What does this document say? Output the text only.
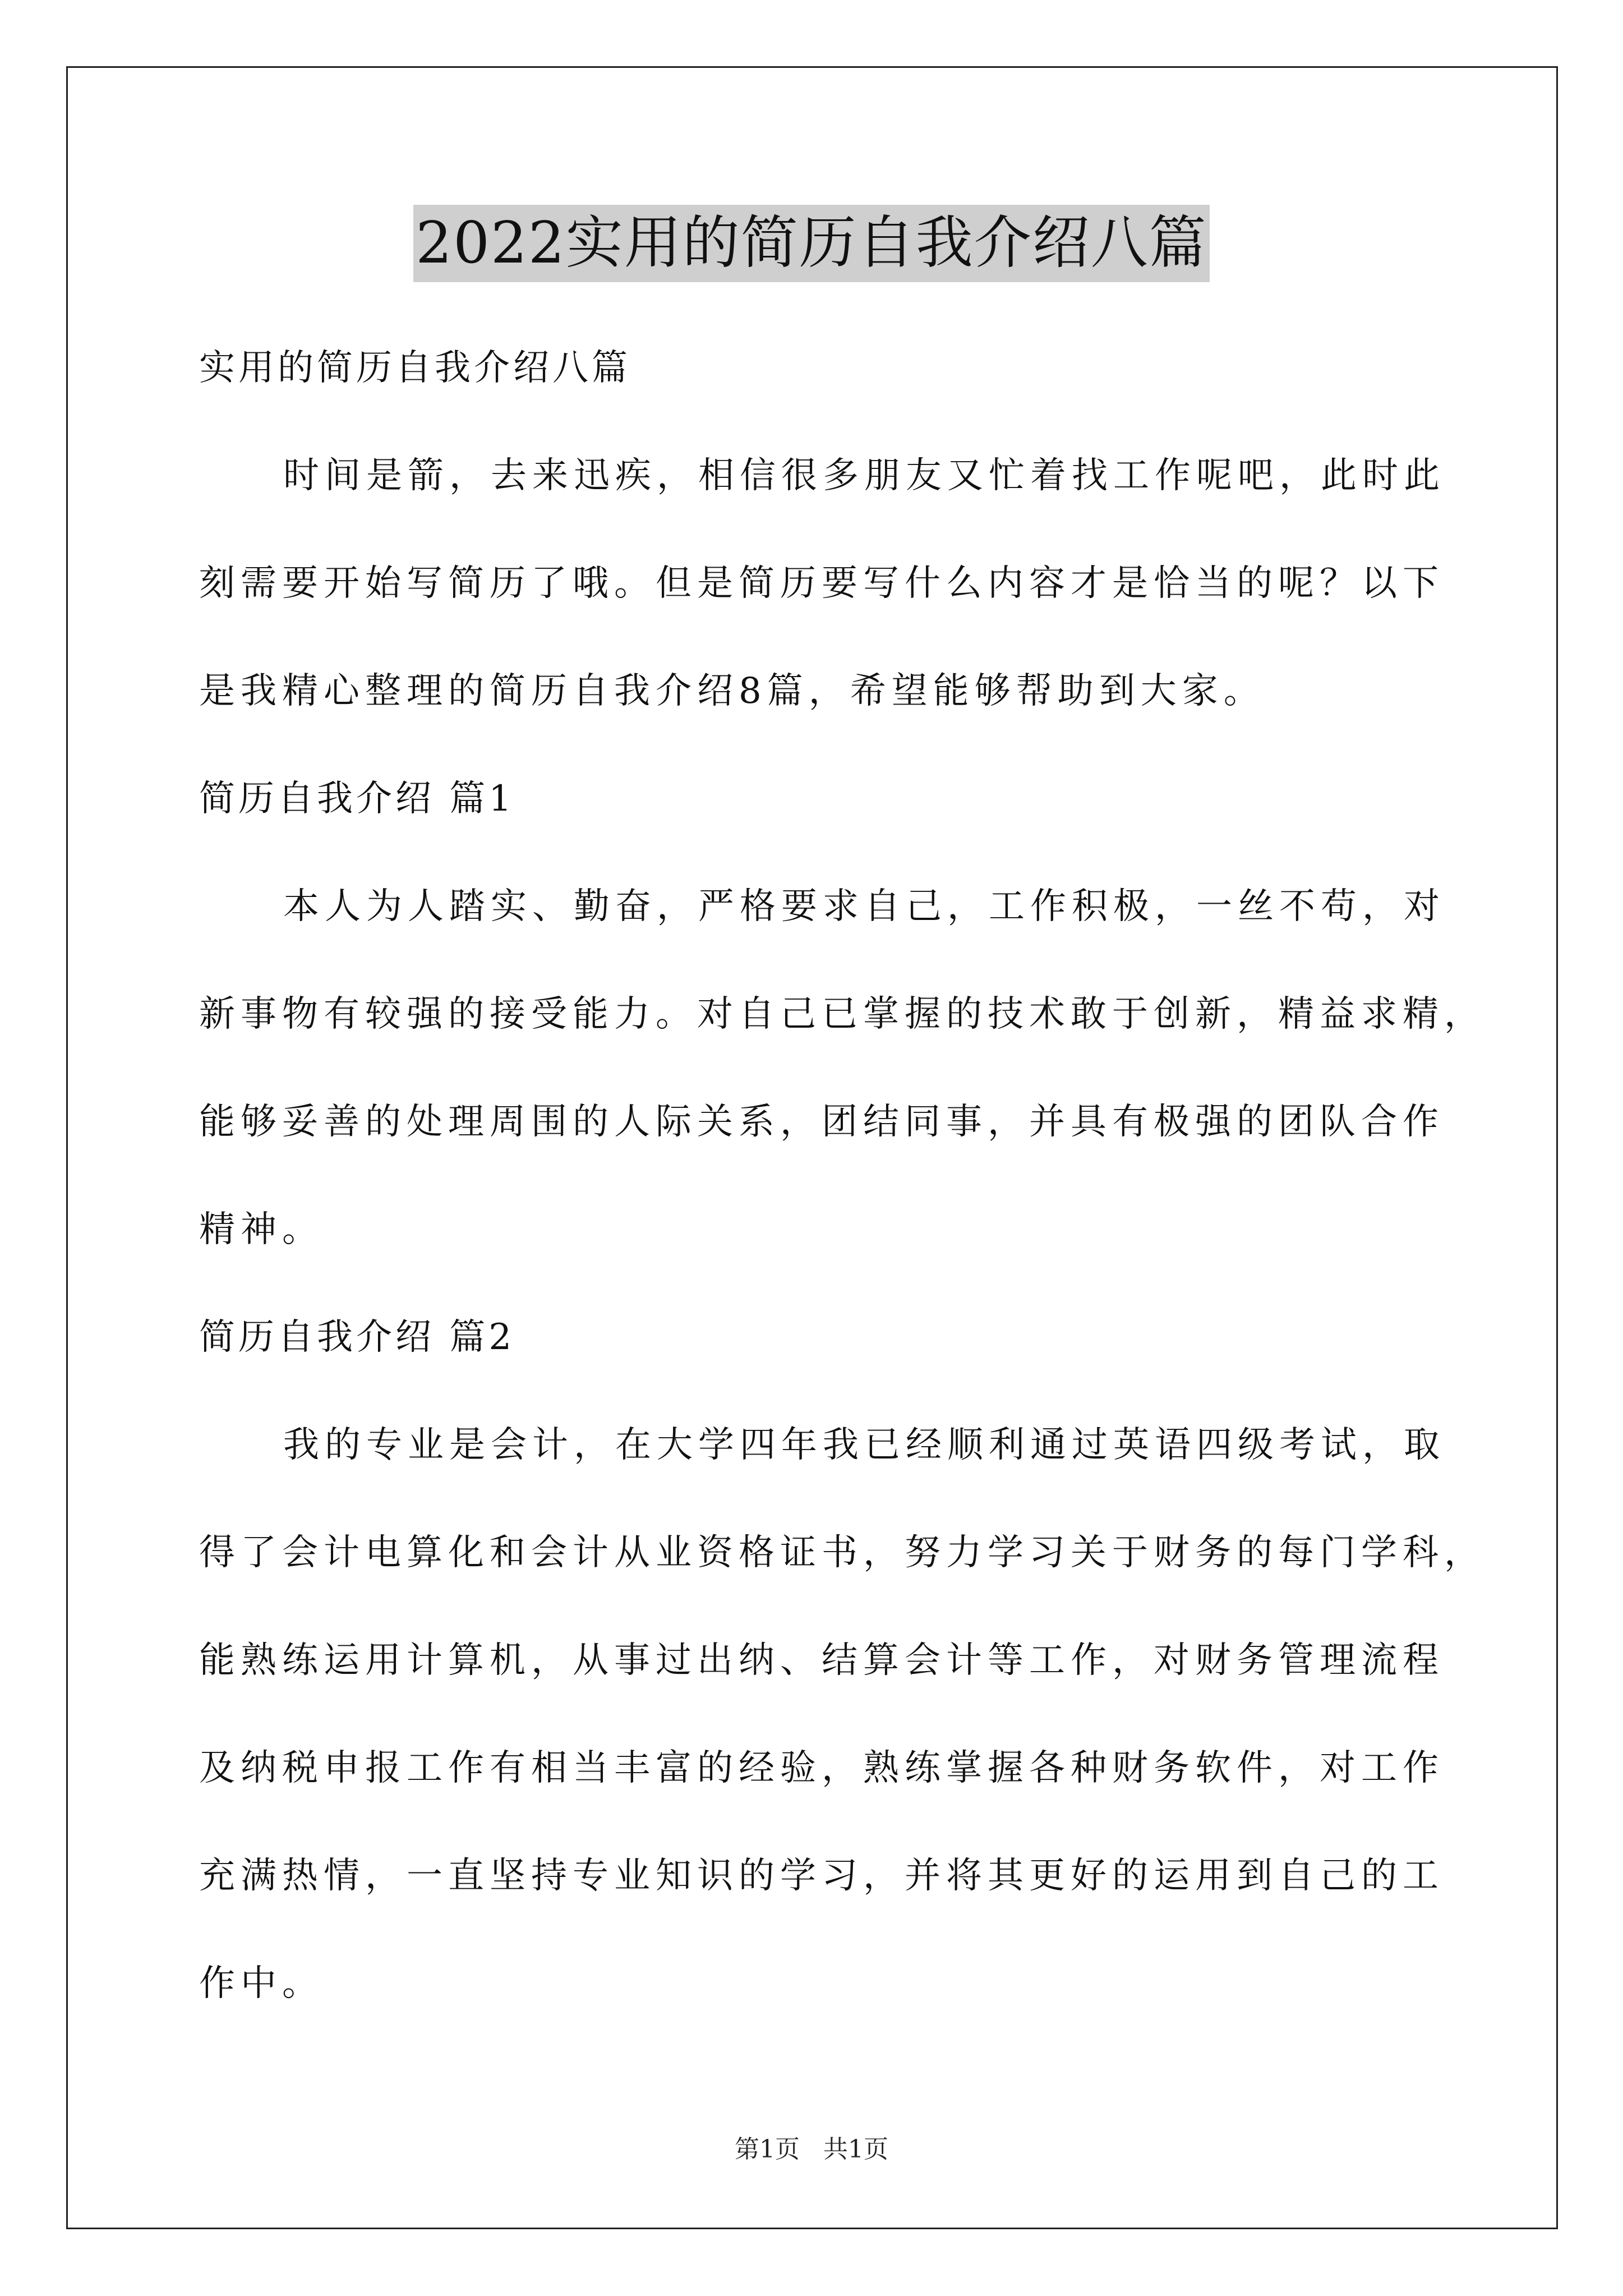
2022实用的简历自我介绍八篇
实用的简历自我介绍八篇
时间是箭，去来迅疾，相信很多朋友又忙着找工作呢吧，此时此
刻需要开始写简历了哦。但是简历要写什么内容才是恰当的呢？以下
是我精心整理的简历自我介绍8篇，希望能够帮助到大家。
简历自我介绍 篇1
本人为人踏实、勤奋，严格要求自己，工作积极，一丝不苟，对
新事物有较强的接受能力。对自己已掌握的技术敢于创新，精益求精，
能够妥善的处理周围的人际关系，团结同事，并具有极强的团队合作
精神。
简历自我介绍 篇2
我的专业是会计，在大学四年我已经顺利通过英语四级考试，取
得了会计电算化和会计从业资格证书，努力学习关于财务的每门学科，
能熟练运用计算机，从事过出纳、结算会计等工作，对财务管理流程
及纳税申报工作有相当丰富的经验，熟练掌握各种财务软件，对工作
充满热情，一直坚持专业知识的学习，并将其更好的运用到自己的工
作中。
第1页   共1页
